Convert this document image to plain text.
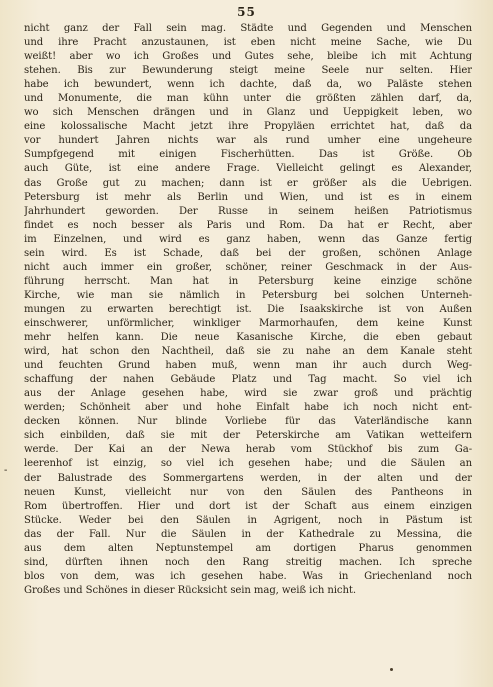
55
nicht ganz der Fall sein mag. Städte und Gegenden und Menschen
und ihre Pracht anzustaunen, ist eben nicht meine Sache, wie Du
weißt! aber wo ich Großes und Gutes sehe, bleibe ich mit Achtung
stehen. Bis zur Bewunderung steigt meine Seele nur selten. Hier
habe ich bewundert, wenn ich dachte, daß da, wo Paläste stehen
und Monumente, die man kühn unter die größten zählen darf, da,
wo sich Menschen drängen und in Glanz und Ueppigkeit leben, wo
eine kolossalische Macht jetzt ihre Propyläen errichtet hat, daß da
vor hundert Jahren nichts war als rund umher eine ungeheure
Sumpfgegend mit einigen Fischerhütten. Das ist Größe. Ob
auch Güte, ist eine andere Frage. Vielleicht gelingt es Alexander,
das Große gut zu machen; dann ist er größer als die Uebrigen.
Petersburg ist mehr als Berlin und Wien, und ist es in einem
Jahrhundert geworden. Der Russe in seinem heißen Patriotismus
findet es noch besser als Paris und Rom. Da hat er Recht, aber
im Einzelnen, und wird es ganz haben, wenn das Ganze fertig
sein wird. Es ist Schade, daß bei der großen, schönen Anlage
nicht auch immer ein großer, schöner, reiner Geschmack in der Aus-
führung herrscht. Man hat in Petersburg keine einzige schöne
Kirche, wie man sie nämlich in Petersburg bei solchen Unterneh-
mungen zu erwarten berechtigt ist. Die Isaakskirche ist von Außen
einschwerer, unförmlicher, winkliger Marmorhaufen, dem keine Kunst
mehr helfen kann. Die neue Kasanische Kirche, die eben gebaut
wird, hat schon den Nachtheil, daß sie zu nahe an dem Kanale steht
und feuchten Grund haben muß, wenn man ihr auch durch Weg-
schaffung der nahen Gebäude Platz und Tag macht. So viel ich
aus der Anlage gesehen habe, wird sie zwar groß und prächtig
werden; Schönheit aber und hohe Einfalt habe ich noch nicht ent-
decken können. Nur blinde Vorliebe für das Vaterländische kann
sich einbilden, daß sie mit der Peterskirche am Vatikan wetteifern
werde. Der Kai an der Newa herab vom Stückhof bis zum Ga-
leerenhof ist einzig, so viel ich gesehen habe; und die Säulen an
der Balustrade des Sommergartens werden, in der alten und der
neuen Kunst, vielleicht nur von den Säulen des Pantheons in
Rom übertroffen. Hier und dort ist der Schaft aus einem einzigen
Stücke. Weder bei den Säulen in Agrigent, noch in Pästum ist
das der Fall. Nur die Säulen in der Kathedrale zu Messina, die
aus dem alten Neptunstempel am dortigen Pharus genommen
sind, dürften ihnen noch den Rang streitig machen. Ich spreche
blos von dem, was ich gesehen habe. Was in Griechenland noch
Großes und Schönes in dieser Rücksicht sein mag, weiß ich nicht.
-
